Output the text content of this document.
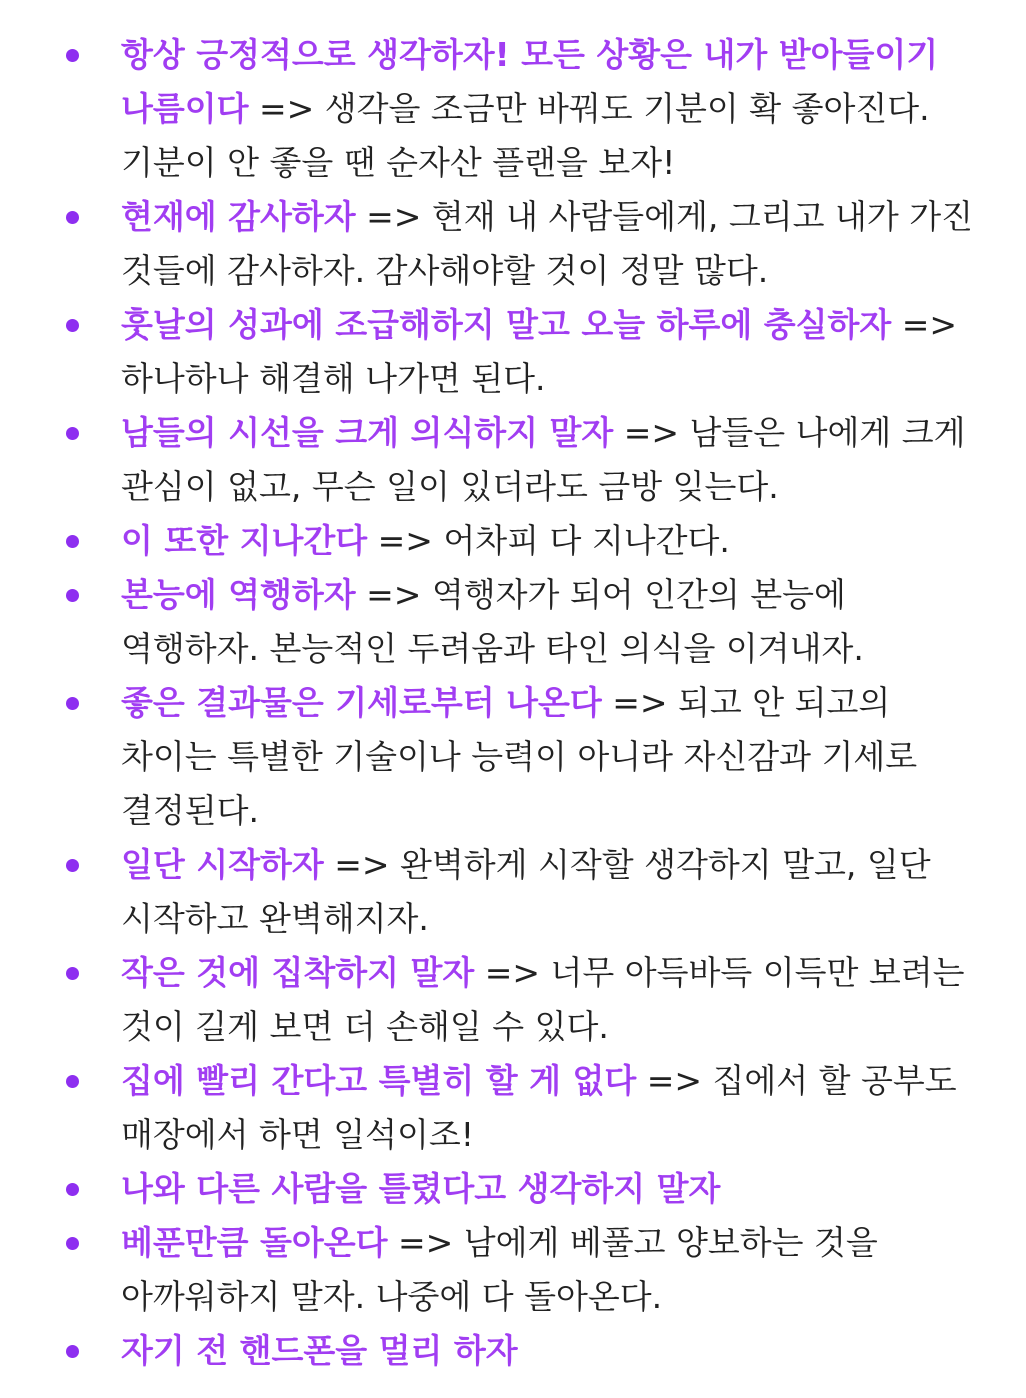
항상 긍정적으로 생각하자! 모든 상황은 내가 받아들이기 나름이다 => 생각을 조금만 바꿔도 기분이 확 좋아진다. 기분이 안 좋을 땐 순자산 플랜을 보자!
현재에 감사하자 => 현재 내 사람들에게, 그리고 내가 가진 것들에 감사하자. 감사해야할 것이 정말 많다.
훗날의 성과에 조급해하지 말고 오늘 하루에 충실하자 => 하나하나 해결해 나가면 된다.
남들의 시선을 크게 의식하지 말자 => 남들은 나에게 크게 관심이 없고, 무슨 일이 있더라도 금방 잊는다.
이 또한 지나간다 => 어차피 다 지나간다.
본능에 역행하자 => 역행자가 되어 인간의 본능에 역행하자. 본능적인 두려움과 타인 의식을 이겨내자.
좋은 결과물은 기세로부터 나온다 => 되고 안 되고의 차이는 특별한 기술이나 능력이 아니라 자신감과 기세로 결정된다.
일단 시작하자 => 완벽하게 시작할 생각하지 말고, 일단 시작하고 완벽해지자.
작은 것에 집착하지 말자 => 너무 아득바득 이득만 보려는 것이 길게 보면 더 손해일 수 있다.
집에 빨리 간다고 특별히 할 게 없다 => 집에서 할 공부도 매장에서 하면 일석이조!
나와 다른 사람을 틀렸다고 생각하지 말자
베푼만큼 돌아온다 => 남에게 베풀고 양보하는 것을 아까워하지 말자. 나중에 다 돌아온다.
자기 전 핸드폰을 멀리 하자
